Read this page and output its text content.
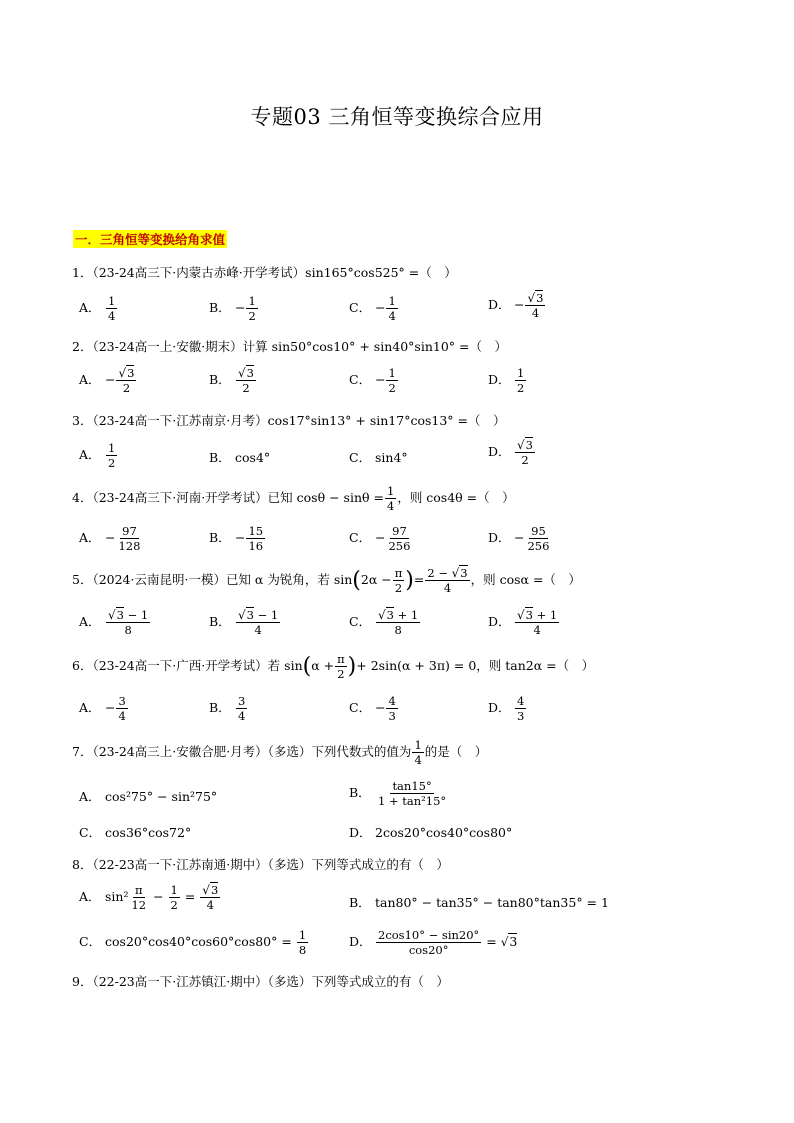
专题03 三角恒等变换综合应用
一．三角恒等变换给角求值
1．（23-24高三下·内蒙古赤峰·开学考试）sin165°cos525° =（　）
A． $\frac{1}{4}$	B． − $\frac{1}{2}$	C． − $\frac{1}{4}$	D． − $\frac{√3}{4}$
2．（23-24高一上·安徽·期末）计算 sin50°cos10° + sin40°sin10° =（　）
A． − $\frac{√3}{2}$	B． $\frac{√3}{2}$	C． − $\frac{1}{2}$	D． $\frac{1}{2}$
3．（23-24高一下·江苏南京·月考）cos17°sin13° + sin17°cos13° =（　）
A． $\frac{1}{2}$	B． cos4°	C． sin4°	D． $\frac{√3}{2}$
4．（23-24高三下·河南·开学考试）已知 $\cos\theta - \sin\theta = \frac{1}{4}$ ，则 cos4θ =（　）
A． − $\frac{97}{128}$	B． − $\frac{15}{16}$	C． − $\frac{97}{256}$	D． − $\frac{95}{256}$
5．（2024·云南昆明·一模）已知 α 为锐角，若 $\sin(2\alpha - \frac{\pi}{2}$ )= $\frac{2 - √3}{4}$ ，则 cosα =（　）
A． $\frac{√3 - 1}{8}$	B． $\frac{√3 - 1}{4}$	C． $\frac{√3 + 1}{8}$	D． $\frac{√3 + 1}{4}$
6．（23-24高一下·广西·开学考试）若 $\sin(\alpha + \frac{\pi}{2}$ )+ 2sin(α + 3π) = 0，则 tan2α =（　）
A． − $\frac{3}{4}$	B． $\frac{3}{4}$	C． − $\frac{4}{3}$	D． $\frac{4}{3}$
7．（23-24高三上·安徽合肥·月考）（多选）下列代数式的值为 $\frac{1}{4}$ 的是（　）
A． cos²75° − sin²75°	B． $\frac{\tan 15^\circ}{\text{1 + tan²15°}}$
C． cos36°cos72°	D． 2cos20°cos40°cos80°
8．（22-23高一下·江苏南通·期中）（多选）下列等式成立的有（　）
A． $\sin^2 \frac{\pi}{12} - \frac{1}{2} = \frac{√3}{4}$	B． tan80° − tan35° − tan80°tan35° = 1
C． $\cos 20^\circ\cos 40^\circ\cos 60^\circ\cos 80^\circ = \frac{1}{8}$	D． $\frac{2\cos 10^\circ - \sin 20^\circ}{\cos 20^\circ} = √3$
9．（22-23高一下·江苏镇江·期中）（多选）下列等式成立的有（　）
